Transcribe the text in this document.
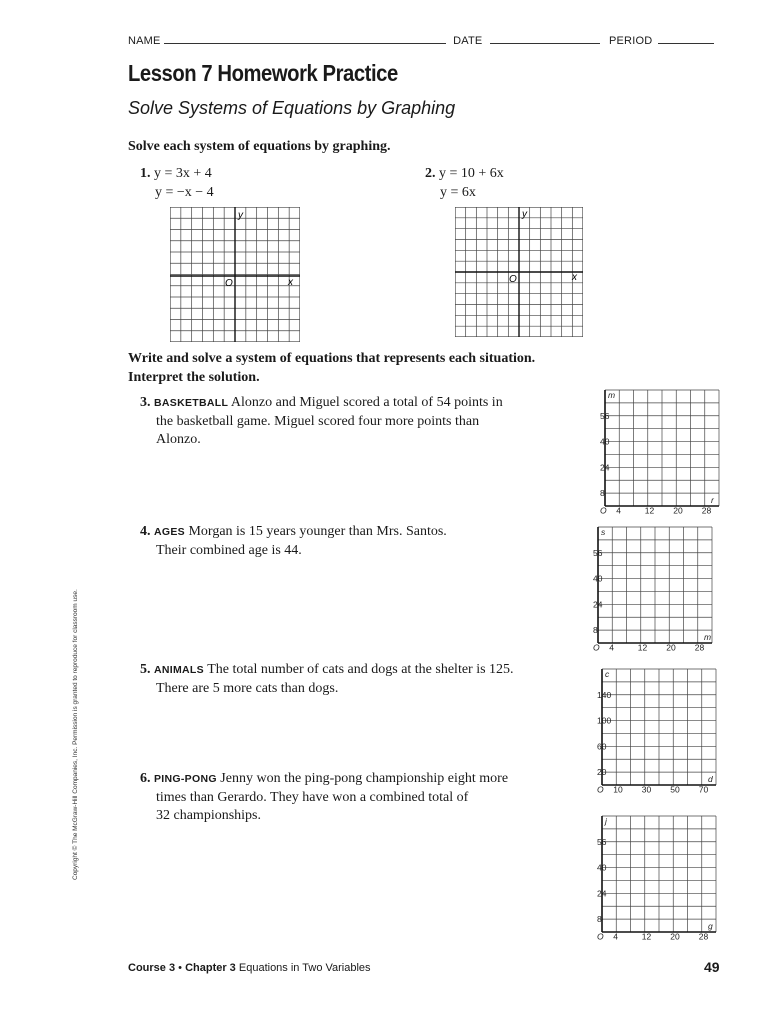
NAME	DATE	PERIOD
Lesson 7 Homework Practice
Solve Systems of Equations by Graphing
Solve each system of equations by graphing.
1. y = 3x + 4
y = −x − 4
2. y = 10 + 6x
y = 6x
y
x
O
y
x
O
Write and solve a system of equations that represents each situation.
Interpret the solution.
3. BASKETBALL Alonzo and Miguel scored a total of 54 points in
the basketball game. Miguel scored four more points than
Alonzo.
4. AGES Morgan is 15 years younger than Mrs. Santos.
Their combined age is 44.
5. ANIMALS The total number of cats and dogs at the shelter is 125.
There are 5 more cats than dogs.
6. PING-PONG Jenny won the ping-pong championship eight more
times than Gerardo. They have won a combined total of
32 championships.
56
40
24
8
4	12 20 28
O
m
r
56
40
24
8
4	12 20 28
O
s
m
140
100
60
20
10 30 50 70
O
c
d
56
40
24
8
4	12 20 28
O
j
g
Copyright © The McGraw-Hill Companies, Inc. Permission is granted to reproduce for classroom use.
Course 3 • Chapter 3 Equations in Two Variables	49
